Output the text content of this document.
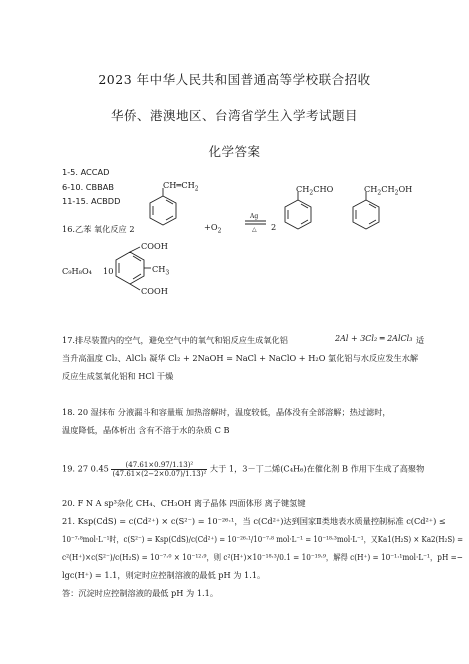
2023 年中华人民共和国普通高等学校联合招收
华侨、港澳地区、台湾省学生入学考试题目
化学答案
1-5. ACCAD
6-10. CBBAB
11-15. ACBDD
16.乙苯 氧化反应 2
$CH═CH_2$
$+O_2$
Ag
△ 2
$CH_2CHO$	$CH_2CH_2OH$
C₉H₈O₄ 10
COOH
$CH_3$
COOH
17.排尽装置内的空气，避免空气中的氧气和铝反应生成氧化铝	2Al + 3Cl₂ ═ 2AlCl₃ 适
当升高温度 Cl₂、AlCl₃ 凝华 Cl₂ + 2NaOH = NaCl + NaClO + H₂O 氯化铝与水反应发生水解
反应生成氢氧化铝和 HCl 干燥
18. 20 湿抹布 分液漏斗和容量瓶 加热溶解时，温度较低，晶体没有全部溶解；热过滤时，
温度降低，晶体析出 含有不溶于水的杂质 C B
19. 27 $0.45 \frac{\text{(47.61×0.97/1.13)²}}{\text{(47.61×(2−2×0.07)/1.13)²}}$ 大于 1，3－丁二烯(C₄H₆)在催化剂 B 作用下生成了高聚物
20. F N A sp³杂化 CH₄、CH₃OH 离子晶体 四面体形 离子键氢键
21. Ksp(CdS) = c(Cd²⁺) × c(S²⁻) = 10⁻²⁶·¹，当 c(Cd²⁺)达到国家Ⅱ类地表水质量控制标准 c(Cd²⁺) ≤
10⁻⁷·⁸mol·L⁻¹时，c(S²⁻) = Ksp(CdS)/c(Cd²⁺) = 10⁻²⁶·¹/10⁻⁷·⁸ mol·L⁻¹ = 10⁻¹⁸·³mol·L⁻¹，又Ka1(H₂S) × Ka2(H₂S) =
c²(H⁺)×c(S²⁻)/c(H₂S) = 10⁻⁷·⁰ × 10⁻¹²·⁹，则 c²(H⁺)×10⁻¹⁸·³/0.1 = 10⁻¹⁹·⁹，解得 c(H⁺) = 10⁻¹·¹mol·L⁻¹，pH =−
lgc(H⁺) = 1.1，则定时应控制溶液的最低 pH 为 1.1。
答：沉淀时应控制溶液的最低 pH 为 1.1。
